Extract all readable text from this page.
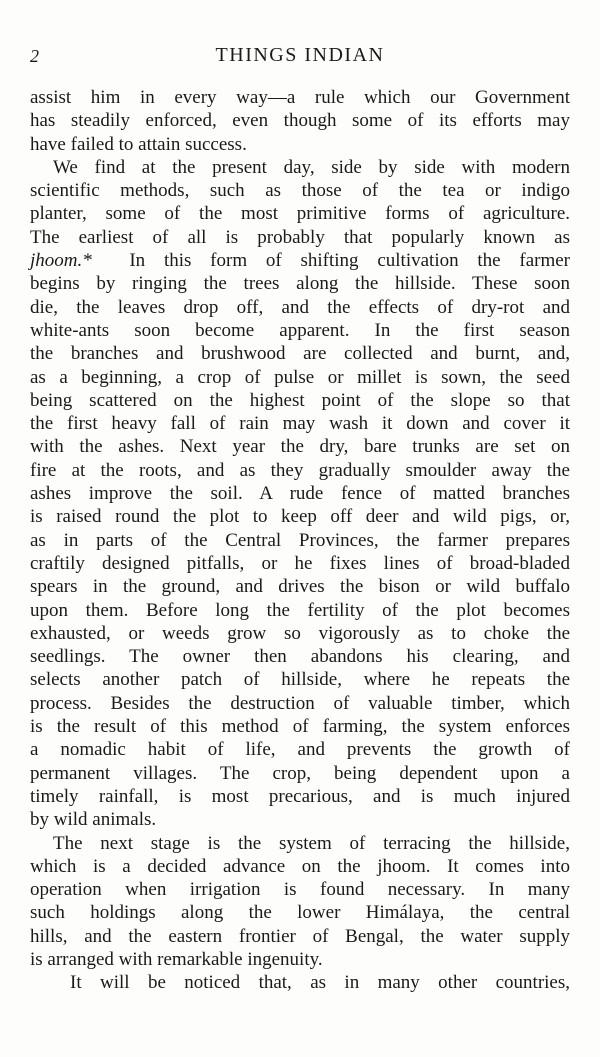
2	THINGS INDIAN
assist him in every way—a rule which our Government
has steadily enforced, even though some of its efforts may
have failed to attain success.
We find at the present day, side by side with modern
scientific methods, such as those of the tea or indigo
planter, some of the most primitive forms of agriculture.
The earliest of all is probably that popularly known as
jhoom.* In this form of shifting cultivation the farmer
begins by ringing the trees along the hillside. These soon
die, the leaves drop off, and the effects of dry-rot and
white-ants soon become apparent. In the first season
the branches and brushwood are collected and burnt, and,
as a beginning, a crop of pulse or millet is sown, the seed
being scattered on the highest point of the slope so that
the first heavy fall of rain may wash it down and cover it
with the ashes. Next year the dry, bare trunks are set on
fire at the roots, and as they gradually smoulder away the
ashes improve the soil. A rude fence of matted branches
is raised round the plot to keep off deer and wild pigs, or,
as in parts of the Central Provinces, the farmer prepares
craftily designed pitfalls, or he fixes lines of broad-bladed
spears in the ground, and drives the bison or wild buffalo
upon them. Before long the fertility of the plot becomes
exhausted, or weeds grow so vigorously as to choke the
seedlings. The owner then abandons his clearing, and
selects another patch of hillside, where he repeats the
process. Besides the destruction of valuable timber, which
is the result of this method of farming, the system enforces
a nomadic habit of life, and prevents the growth of
permanent villages. The crop, being dependent upon a
timely rainfall, is most precarious, and is much injured
by wild animals.
The next stage is the system of terracing the hillside,
which is a decided advance on the jhoom. It comes into
operation when irrigation is found necessary. In many
such holdings along the lower Himálaya, the central
hills, and the eastern frontier of Bengal, the water supply
is arranged with remarkable ingenuity.
It will be noticed that, as in many other countries,
